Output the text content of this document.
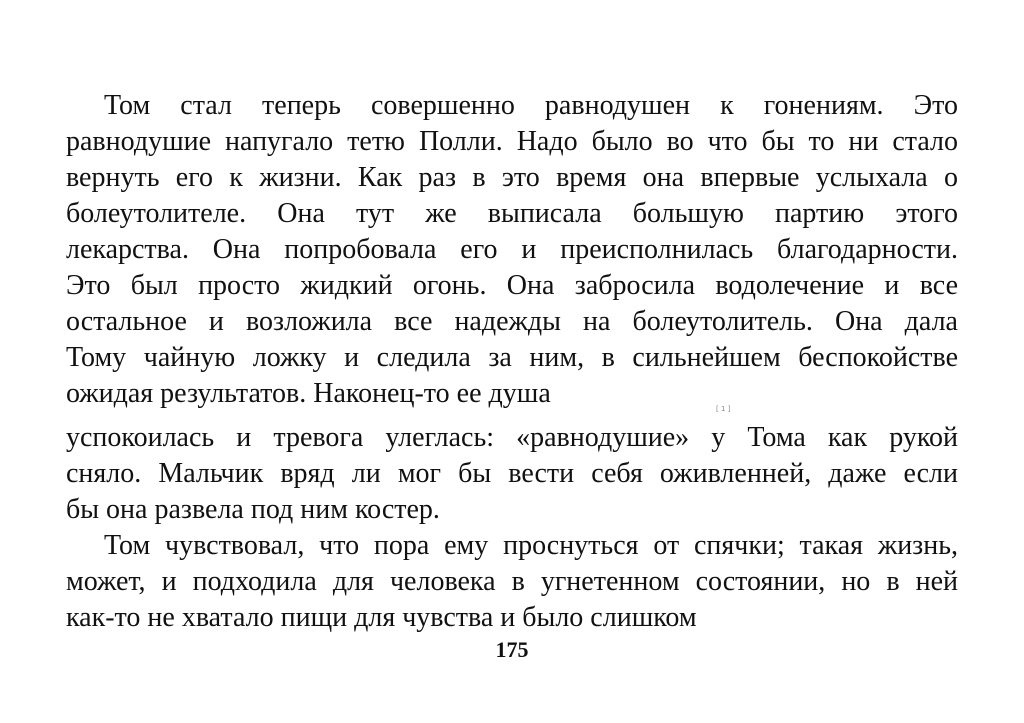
Том стал теперь совершенно равнодушен к гонениям. Это
равнодушие напугало тетю Полли. Надо было во что бы то ни стало
вернуть его к жизни. Как раз в это время она впервые услыхала о
болеутолителе. Она тут же выписала большую партию этого
лекарства. Она попробовала его и преисполнилась благодарности.
Это был просто жидкий огонь. Она забросила водолечение и все
остальное и возложила все надежды на болеутолитель. Она дала
Тому чайную ложку и следила за ним, в сильнейшем беспокойстве
ожидая результатов. Наконец-то ее душа	[ 1 ]
успокоилась и тревога улеглась: «равнодушие» у Тома как рукой
сняло. Мальчик вряд ли мог бы вести себя оживленней, даже если
бы она развела под ним костер.
Том чувствовал, что пора ему проснуться от спячки; такая жизнь,
может, и подходила для человека в угнетенном состоянии, но в ней
как-то не хватало пищи для чувства и было слишком
175
